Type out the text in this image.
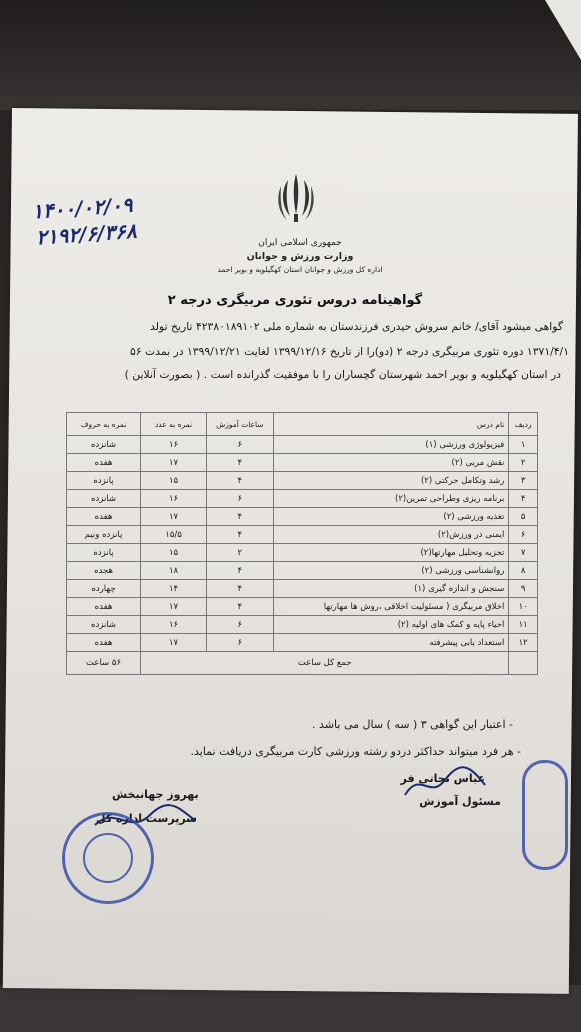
جمهوری اسلامی ایران
وزارت ورزش و جوانان
اداره کل ورزش و جوانان استان کهگیلویه و بویر احمد
۱۴۰۰/۰۲/۰۹
۲۱۹۲/۶/۳۶۸
گواهینامه دروس تئوری مربیگری درجه ۲
گواهی میشود آقای/ خانم سروش حیدری فرزندستان به شماره ملی ۴۲۳۸۰۱۸۹۱۰۲ تاریخ تولد
۱۳۷۱/۴/۱ دوره تئوری مربیگری درجه ۲ (دو)را از تاریخ ۱۳۹۹/۱۲/۱۶ لغایت ۱۳۹۹/۱۲/۲۱ در بمدت ۵۶
در استان کهگیلویه و بویر احمد شهرستان گچساران را با موفقیت گذرانده است . ( بصورت آنلاین )
ردیف	نام درس	ساعات آموزش	نمره به عدد	نمره به حروف
۱	فیزیولوژی ورزشی (۱)	۶	۱۶	شانزده
۲	نقش مربی (۲)	۴	۱۷	هفده
۳	رشد وتکامل حرکتی (۲)	۴	۱۵	پانزده
۴	برنامه ریزی وطراحی تمرین(۲)	۶	۱۶	شانزده
۵	تغذیه ورزشی (۲)	۴	۱۷	هفده
۶	ایمنی در ورزش(۲)	۴	۱۵/۵	پانزده ونیم
۷	تجزیه وتحلیل مهارتها(۲)	۲	۱۵	پانزده
۸	روانشناسی ورزشی (۲)	۴	۱۸	هجده
۹	سنجش و اندازه گیری (۱)	۴	۱۴	چهارده
۱۰	اخلاق مربیگری ( مسئولیت اخلاقی ،روش ها مهارتها	۴	۱۷	هفده
۱۱	احیاء پایه و کمک های اولیه (۲)	۶	۱۶	شانزده
۱۲	استعداد یابی پیشرفته	۶	۱۷	هفده
	جمع کل ساعت			۵۶ ساعت
- اعتبار این گواهی ۳ ( سه ) سال می باشد .
- هر فرد میتواند حداکثر دردو رشته ورزشی کارت مربیگری دریافت نماید.
عباس نجاتی فر
مسئول آموزش
بهروز جهانبخش
سرپرست اداره کل
